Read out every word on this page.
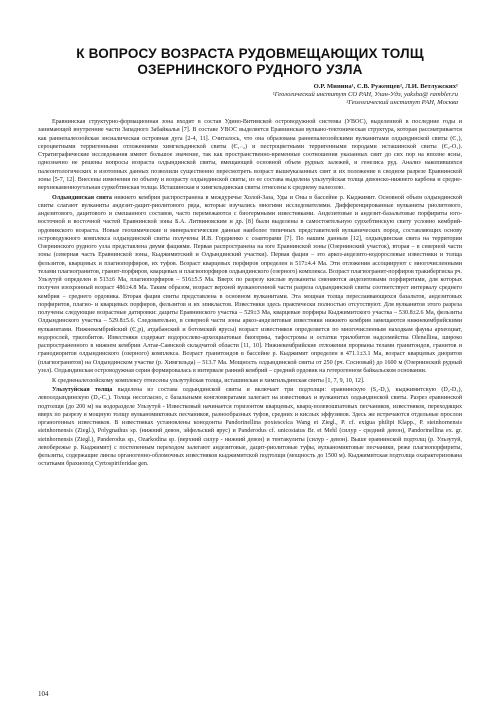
К ВОПРОСУ ВОЗРАСТА РУДОВМЕЩАЮЩИХ ТОЛЩ ОЗЕРНИНСКОГО РУДНОГО УЗЛА
О.Р. Минина¹, С.В. Руженцев², Л.И. Ветлужских¹
¹Геологический институт СО РАН, Улан-Удэ, yaksha@ rambler.ru
²Геологический институт РАН, Москва

Еравнинская структурно-формационная зона входит в состав Удино-Витимской островодужной системы (УВОС), выделенной в последние годы и занимающей внутренние части Западного Забайкалья [7]. В составе УВОС выделяется Еравнинская вулкано-тектоническая структура, которая рассматривается как раннепалеозойская энсиалическая островная дуга [2-4, 11]. Считалось, что она образована раннепалеозойскими вулканитами олдындинской свиты (Є₁), сероцветными терригенными отложениями химгильдинской свиты (Є₁₋₂) и пестроцветными терригенными породами исташинской свиты (Є₂-O₁). Стратиграфические исследования имеют большое значение, так как пространственно-временные соотношения указанных свит до сих пор на вполне ясны, однозначно не решены вопросы возраста олдындинской свиты, вмещающей основной объем рудных залежей, и генезиса руд. Анализ накопившихся палеонтологических и изотопных данных позволили существенно пересмотреть возраст вышеуказанных свит и их положение в сводном разрезе Еравнинской зоны [5-7, 12]. Внесены изменения по объему и возрасту олдындинской свиты, из ее состава выделена ульзутуйская толща девонско-нижнего карбона и средне-верхнекаменноугольная суркебтинская толща. Исташинская и химгильдинская свиты отнесены к среднему палеозою.

Олдындинская свита нижнего кембрия распространена в междуречье Холой-Заза, Уды и Оны в бассейне р. Кыджимит. Основной объем олдындинской свиты слагают вулканиты андезит-дацит-риолитового ряда, которые изучались многими исследователями. Дифференцированные вулканиты риолитового, андезитового, дацитового и смешанного составов, часто перемежаются с биогермными известняками. Андезитовые и андезит-базальтовые порфириты юго-восточной и восточной частей Еравнинской зоны Б.А. Литвиновским и др. [8] были выделены в самостоятельную сурхебтинскую свиту условно кембрий-ордовикского возраста. Новые геохимические и минералогические данные наиболее типичных представителей вулканических пород, составляющих основу островодужного комплекса олдындинской свиты получены И.В. Гордиенко с соавторами [7]. По нашим данным [12], олдындинская свита на территории Озернинского рудного узла представлена двумя фациями. Первая распространена на юге Еравнинской зоны (Озернинский участок), вторая – в северной части зоны (северная часть Еравнинской зоны, Кыджимитский и Олдындинский участки). Первая фация – это аркоз-андезито-водорослевые известняки и толща фельзитов, кварцевых и плагиопорфиров, их туфов. Возраст кварцевых порфиров определен в 517±4.4 Ма. Эти отложения ассоциируют с многочисленными телами плагиогранитов, гранит-порфиров, кварцевых и плагиопорфиров олдындинского (озерного) комплекса. Возраст плагиогранит-порфиров тракибергиска рч. Ульзутуй определен в 513±6 Ма, плагиопорфиров – 516±5.5 Ма. Вверх по разрезу кислые вулканиты сменяются андезитовыми порфиритами, для которых получен изохронный возраст 486±4.8 Ма. Таким образом, возраст верхней вулканогенной части разреза олдындинской свиты соответствует интервалу среднего кембрия – среднего ордовика. Вторая фация свиты представлена в основном вулканитами. Эта мощная толща переслаивающихся базальтов, андезитовых порфиритов, плагио- и кварцевых порфиров, фельзитов и их эпикластов. Известняки здесь практически полностью отсутствуют. Для вулканитов этого разреза получены следующие возрастные датировки: дациты Еравнинского участка – 529±3 Ма, кварцевые порфиры Кыджимитского участка – 530.8±2.6 Ма, фельзиты Олдындинского участка – 529.8±5.6. Следовательно, в северной части зоны аркоз-андезитовые известняки нижнего кембрия замещаются нижнекембрийскими вулканитами. Нижнекембрийский (Є₁р), атдабанский и ботомский ярусы) возраст известняков определяется по многочисленным находкам фауны археоциат, водорослей, трилобитов. Известняки содержат водорослево-археоциатовые биогермы, тафостромы и остатки трилобитов надсемейства Olenelliна, широко распространенного в нижнем кембрии Алтае-Саянской складчатой области [11, 10]. Нижнекембрийские отложения прорваны телами гранитоидов, гранитов и гранодиоритов олдындинского (озерного) комплекса. Возраст гранитоидов в бассейне р. Кыджимит определен в 471.1±3.1 Ма, возраст кварцевых диоритов (плагиогранитов) на Олдындинском участке (р. Химгильда) – 513.7 Ма. Мощность олдындинской свиты от 250 (рч. Сосновый) до 1600 м (Озернинский рудный узел). Олдындинская островодужная серия формировалась в интервале ранний кембрий – средний ордовик на гетерогенном байкальском основании.

К средненалеозойскому комплексу отнесены ульзутуйская толща, исташинская и химгильдинская свиты [1, 7, 9, 10, 12].

Ульзутуйская толща выделена из состава олдындинской свиты и включает три подтолщи: еравнинскую (S₂-D₁), кыджимитскую (D₂-D₃), левоолдындинскую (D₃-C₁). Толща несогласно, с базальными конгломератами залегает на известняках и вулканитах олдындинской свиты. Разрез еравнинской подтолщи (до 200 м) на водоразделе Ульзутуй - Известковый начинается горизонтом кварцевых, кварц-полевошпатовых песчаников, известняков, переходящих вверх по разрезу в мощную толщу вулканомиктовых песчаников, разнообразных туфов, средних и кислых эффузивов. Здесь же встречаются отдельные прослои органогенных известняков. В известняках установлены конодонты Pandorinellina poxiescelca Wang et Ziegl., P. cf. exigua philipi Klapp., P. steinhornensis steinhornensis (Ziegl.), Polygnathus sp. (нижний девон, эйфельский ярус) и Panderodus cf. unicostatus Br. et Mehl (силур - средний девон), Pandorinellina ex. gr. steinhornensis (Ziegl.), Panderodus sp., Ozarkodina sp. (верхний силур - нижний девон) и тентакулиты (силур - девон). Выше еравнинской подтолщ (р. Ульзутуй, левобережье р. Кыджимит) с постепенным переходом залегают андезитовые, дацит-риолитовые туфы, вулканомиктовые песчаники, реже плагиопорфириты, фельзиты, содержащие линзы органогенно-обломочных известняков кыджимитской подтолщи (мощность до 1500 м). Кыджимитская подтолща охарактеризована остатками брахиопод Cyrtospiriferidae gen.

104
